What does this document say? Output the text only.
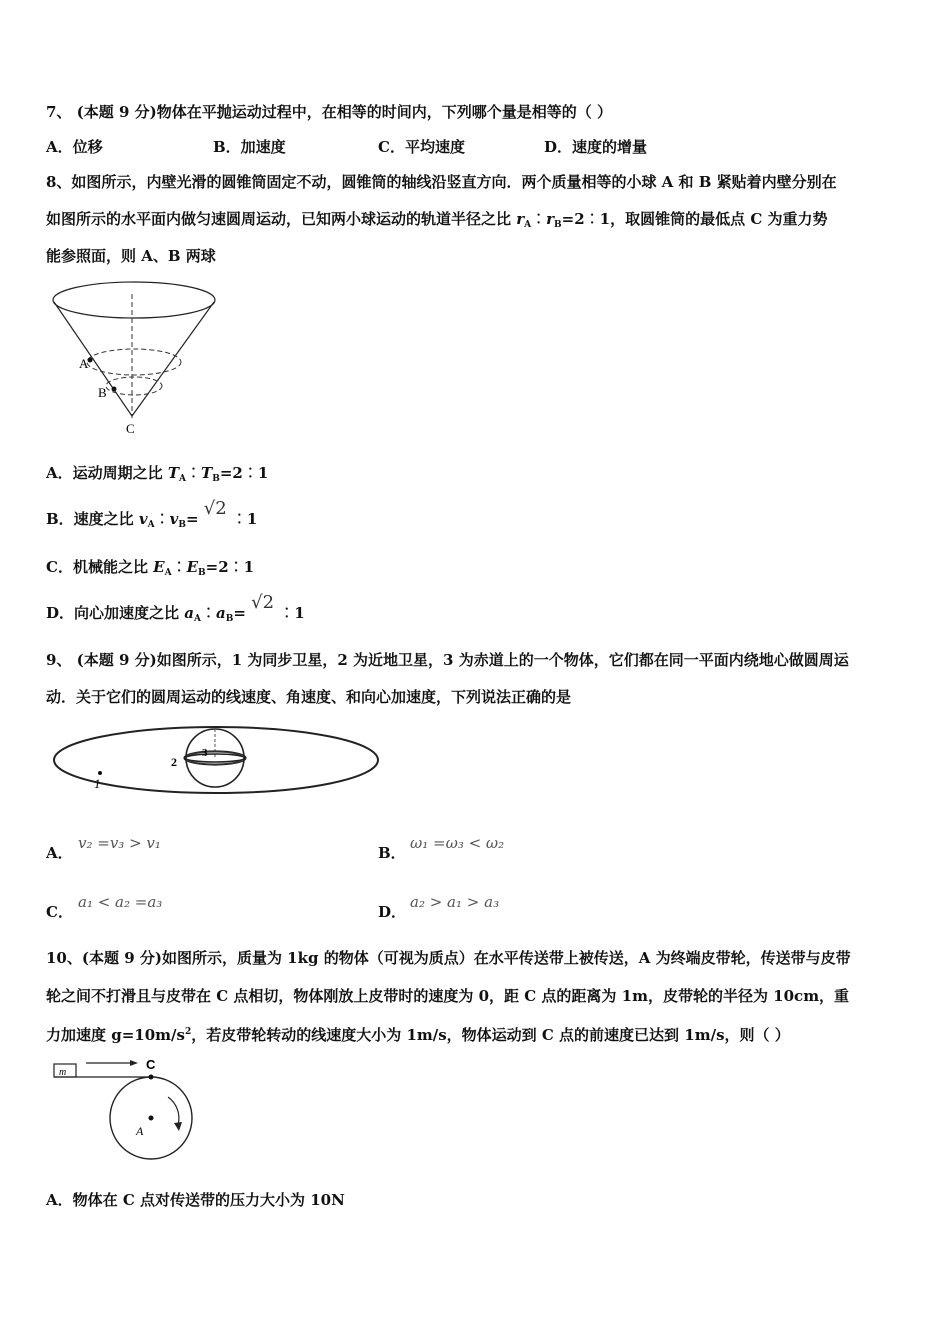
7、 (本题 9 分)物体在平抛运动过程中，在相等的时间内，下列哪个量是相等的（ ）
A．位移	B．加速度	C．平均速度	D．速度的增量
8、如图所示，内壁光滑的圆锥筒固定不动，圆锥筒的轴线沿竖直方向．两个质量相等的小球 A 和 B 紧贴着内壁分别在
如图所示的水平面内做匀速圆周运动，已知两小球运动的轨道半径之比 $r_A︰r_B=2︰1$，取圆锥筒的最低点 C 为重力势
能参照面，则 A、B 两球
A
B
C
A．运动周期之比 $T_A︰T_B=2︰1$
B．速度之比 $v_A︰v_B= √2$ ︰1
C．机械能之比 $E_A︰E_B=2︰1$
D．向心加速度之比 $a_A︰a_B= √2$ ︰1
9、 (本题 9 分)如图所示，1 为同步卫星，2 为近地卫星，3 为赤道上的一个物体，它们都在同一平面内绕地心做圆周运
动．关于它们的圆周运动的线速度、角速度、和向心加速度，下列说法正确的是
1
2
3
A．
v₂ =v₃ > v₁
B．
ω₁ =ω₃ < ω₂
C．
a₁ < a₂ =a₃
D．
a₂ > a₁ > a₃
10、(本题 9 分)如图所示，质量为 1kg 的物体（可视为质点）在水平传送带上被传送，A 为终端皮带轮，传送带与皮带
轮之间不打滑且与皮带在 C 点相切，物体刚放上皮带时的速度为 0，距 C 点的距离为 1m，皮带轮的半径为 10cm，重
力加速度 $g=10m/s^2$，若皮带轮转动的线速度大小为 1m/s，物体运动到 C 点的前速度已达到 1m/s，则（ ）
m
C
A
A．物体在 C 点对传送带的压力大小为 10N
